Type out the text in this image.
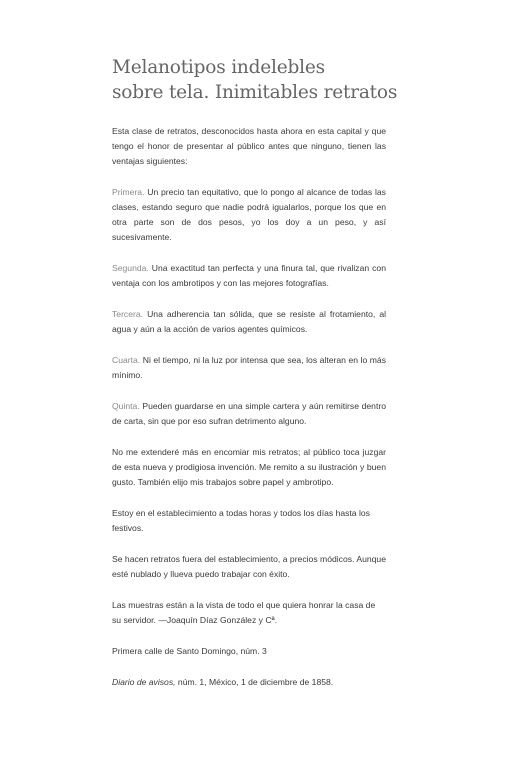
Melanotipos indelebles
sobre tela. Inimitables retratos

Esta clase de retratos, desconocidos hasta ahora en esta capital y que tengo el honor de presentar al público antes que ninguno, tienen las ventajas siguientes:

Primera. Un precio tan equitativo, que lo pongo al alcance de todas las clases, estando seguro que nadie podrá igualarlos, porque los que en otra parte son de dos pesos, yo los doy a un peso, y así sucesivamente.

Segunda. Una exactitud tan perfecta y una finura tal, que rivalizan con ventaja con los ambrotipos y con las mejores fotografías.

Tercera. Una adherencia tan sólida, que se resiste al frotamiento, al agua y aún a la acción de varios agentes químicos.

Cuarta. Ni el tiempo, ni la luz por intensa que sea, los alteran en lo más mínimo.

Quinta. Pueden guardarse en una simple cartera y aún remitirse dentro de carta, sin que por eso sufran detrimento alguno.

No me extenderé más en encomiar mis retratos; al público toca juzgar de esta nueva y prodigiosa invención. Me remito a su ilustración y buen gusto. También elijo mis trabajos sobre papel y ambrotipo.

Estoy en el establecimiento a todas horas y todos los días hasta los festivos.

Se hacen retratos fuera del establecimiento, a precios módicos. Aunque esté nublado y llueva puedo trabajar con éxito.

Las muestras están a la vista de todo el que quiera honrar la casa de su servidor. —Joaquín Díaz González y Cª.

Primera calle de Santo Domingo, núm. 3

Diario de avisos, núm. 1, México, 1 de diciembre de 1858.
